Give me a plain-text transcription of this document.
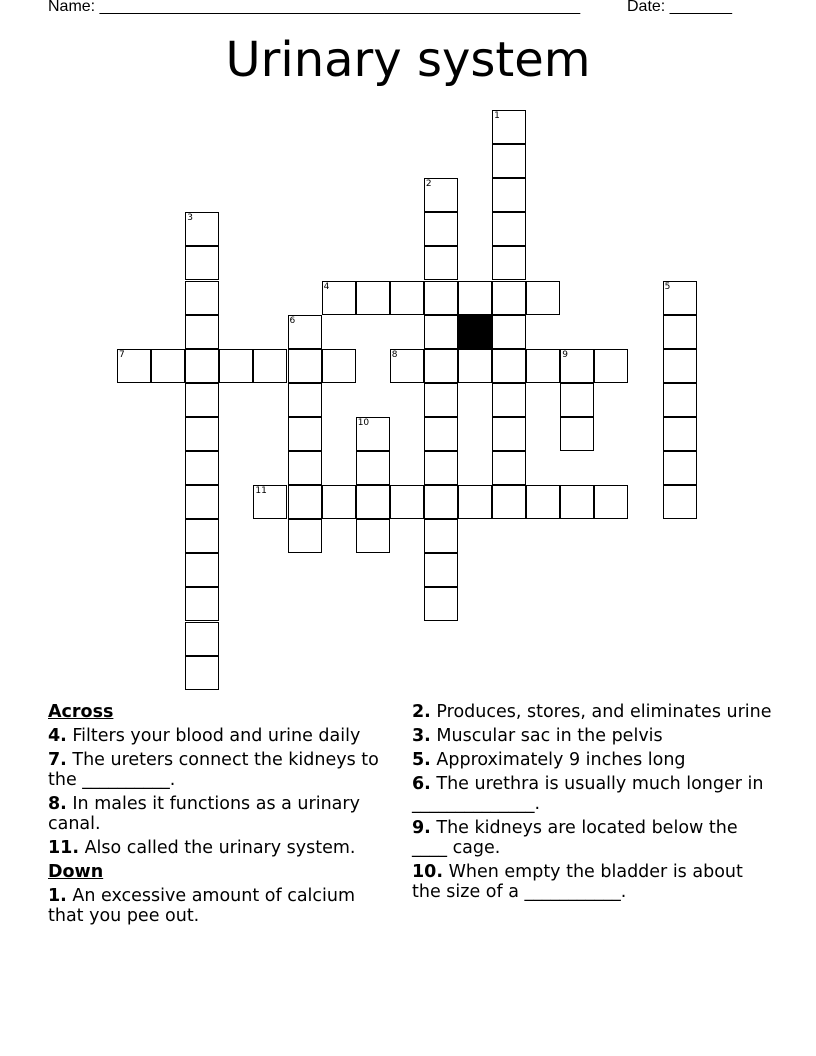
Name: ______________________________________________________	Date: _______
Urinary system
1
2
3
4	5
6
7	8	9
10
11
Across
4. Filters your blood and urine daily
7. The ureters connect the kidneys to the __________.
8. In males it functions as a urinary canal.
11. Also called the urinary system.
Down
1. An excessive amount of calcium that you pee out.
2. Produces, stores, and eliminates urine
3. Muscular sac in the pelvis
5. Approximately 9 inches long
6. The urethra is usually much longer in ______________.
9. The kidneys are located below the ____ cage.
10. When empty the bladder is about the size of a ___________.
